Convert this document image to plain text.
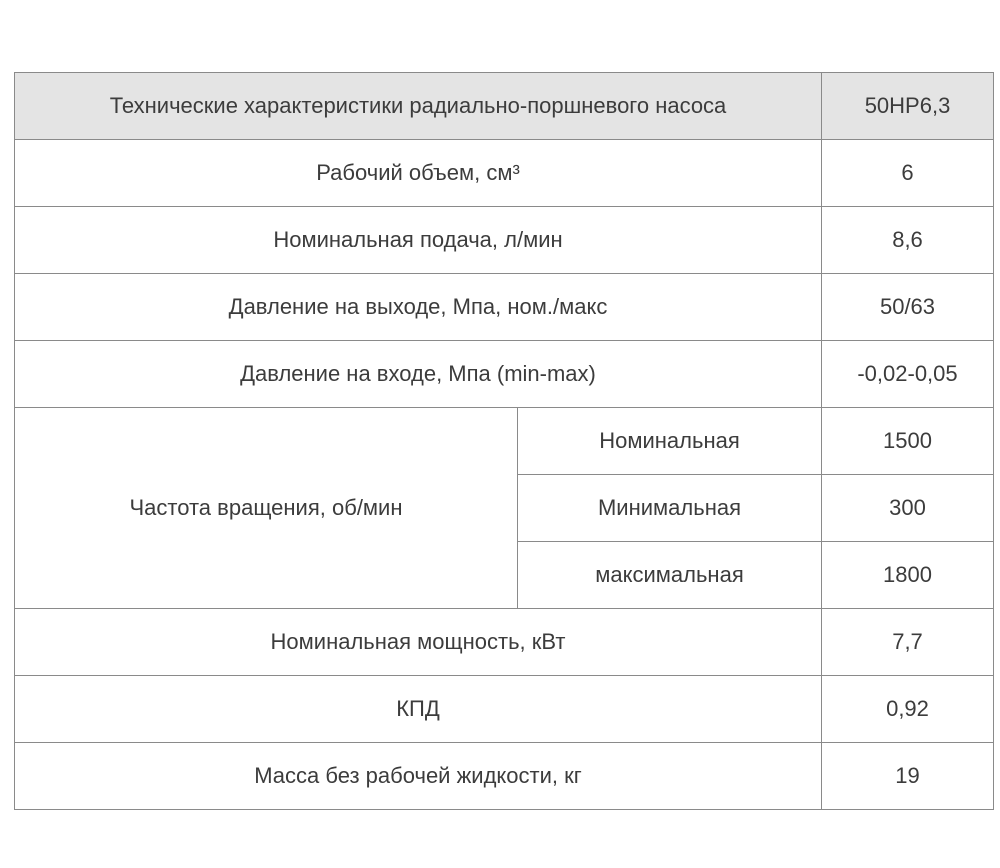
Технические характеристики радиально-поршневого насоса		50НР6,3
Рабочий объем, см³		6
Номинальная подача, л/мин		8,6
Давление на выходе, Мпа, ном./макс		50/63
Давление на входе, Мпа (min-max)		-0,02-0,05
Частота вращения, об/мин	Номинальная	1500
	Минимальная	300
	максимальная	1800
Номинальная мощность, кВт		7,7
КПД		0,92
Масса без рабочей жидкости, кг		19
